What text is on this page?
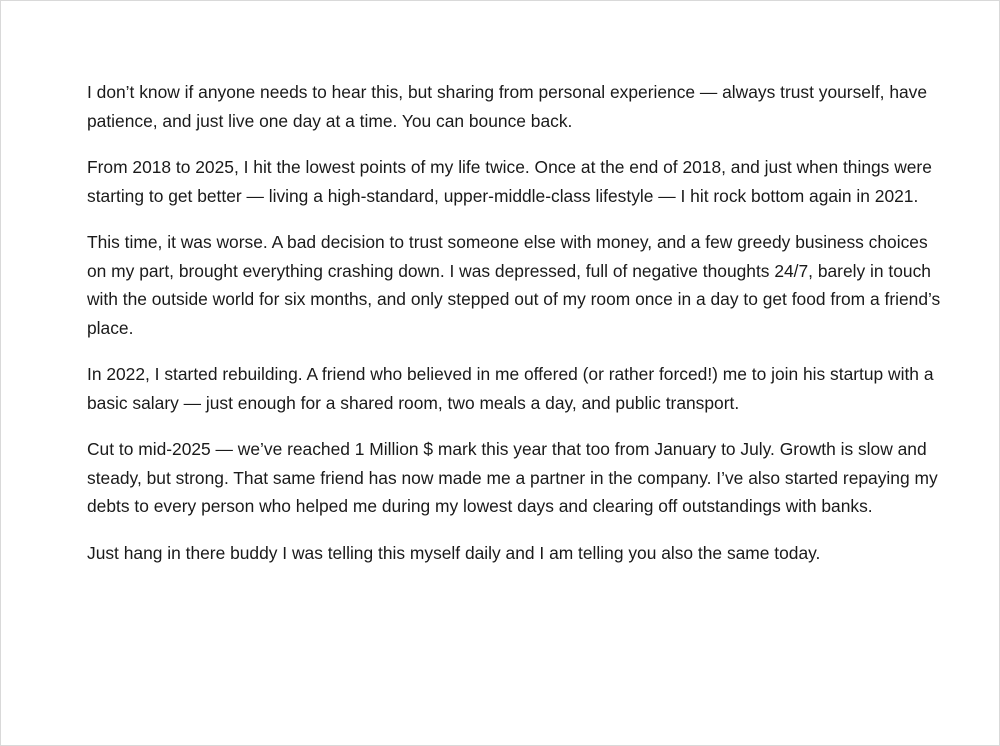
I don’t know if anyone needs to hear this, but sharing from personal experience — always trust yourself, have patience, and just live one day at a time. You can bounce back.

From 2018 to 2025, I hit the lowest points of my life twice. Once at the end of 2018, and just when things were starting to get better — living a high-standard, upper-middle-class lifestyle — I hit rock bottom again in 2021.

This time, it was worse. A bad decision to trust someone else with money, and a few greedy business choices on my part, brought everything crashing down. I was depressed, full of negative thoughts 24/7, barely in touch with the outside world for six months, and only stepped out of my room once in a day to get food from a friend’s place.

In 2022, I started rebuilding. A friend who believed in me offered (or rather forced!) me to join his startup with a basic salary — just enough for a shared room, two meals a day, and public transport.

Cut to mid-2025 — we’ve reached 1 Million $ mark this year that too from January to July. Growth is slow and steady, but strong. That same friend has now made me a partner in the company. I’ve also started repaying my debts to every person who helped me during my lowest days and clearing off outstandings with banks.

Just hang in there buddy I was telling this myself daily and I am telling you also the same today.
